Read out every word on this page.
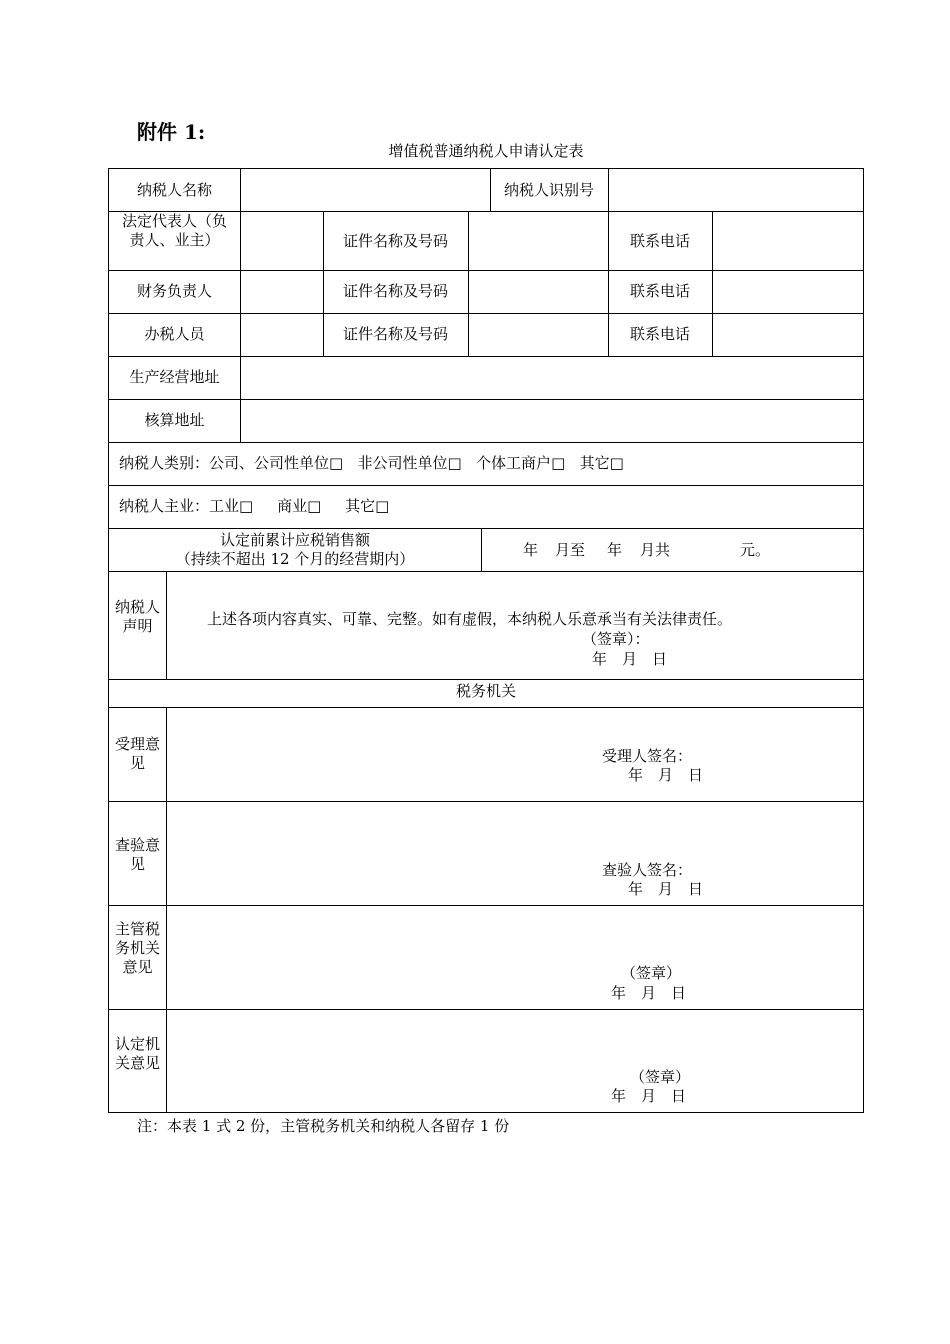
附件 1:
增值税普通纳税人申请认定表
纳税人名称	纳税人识别号
法定代表人（负责人、业主）	证件名称及号码	联系电话
财务负责人	证件名称及号码	联系电话
办税人员	证件名称及号码	联系电话
生产经营地址
核算地址
纳税人类别：公司、公司性单位□ 非公司性单位□ 个体工商户□ 其它□
纳税人主业：工业□ 商业□ 其它□
认定前累计应税销售额
（持续不超出 12 个月的经营期内）	年 月至 年 月共	元。
纳税人声明	上述各项内容真实、可靠、完整。如有虚假，本纳税人乐意承当有关法律责任。
（签章）：
年　月　日
税务机关
受理意见	受理人签名：
年　月　日
查验意见	查验人签名：
年　月　日
主管税务机关意见	（签章）
年　月　日
认定机关意见
（签章）
年　月　日
注：本表 1 式 2 份，主管税务机关和纳税人各留存 1 份
